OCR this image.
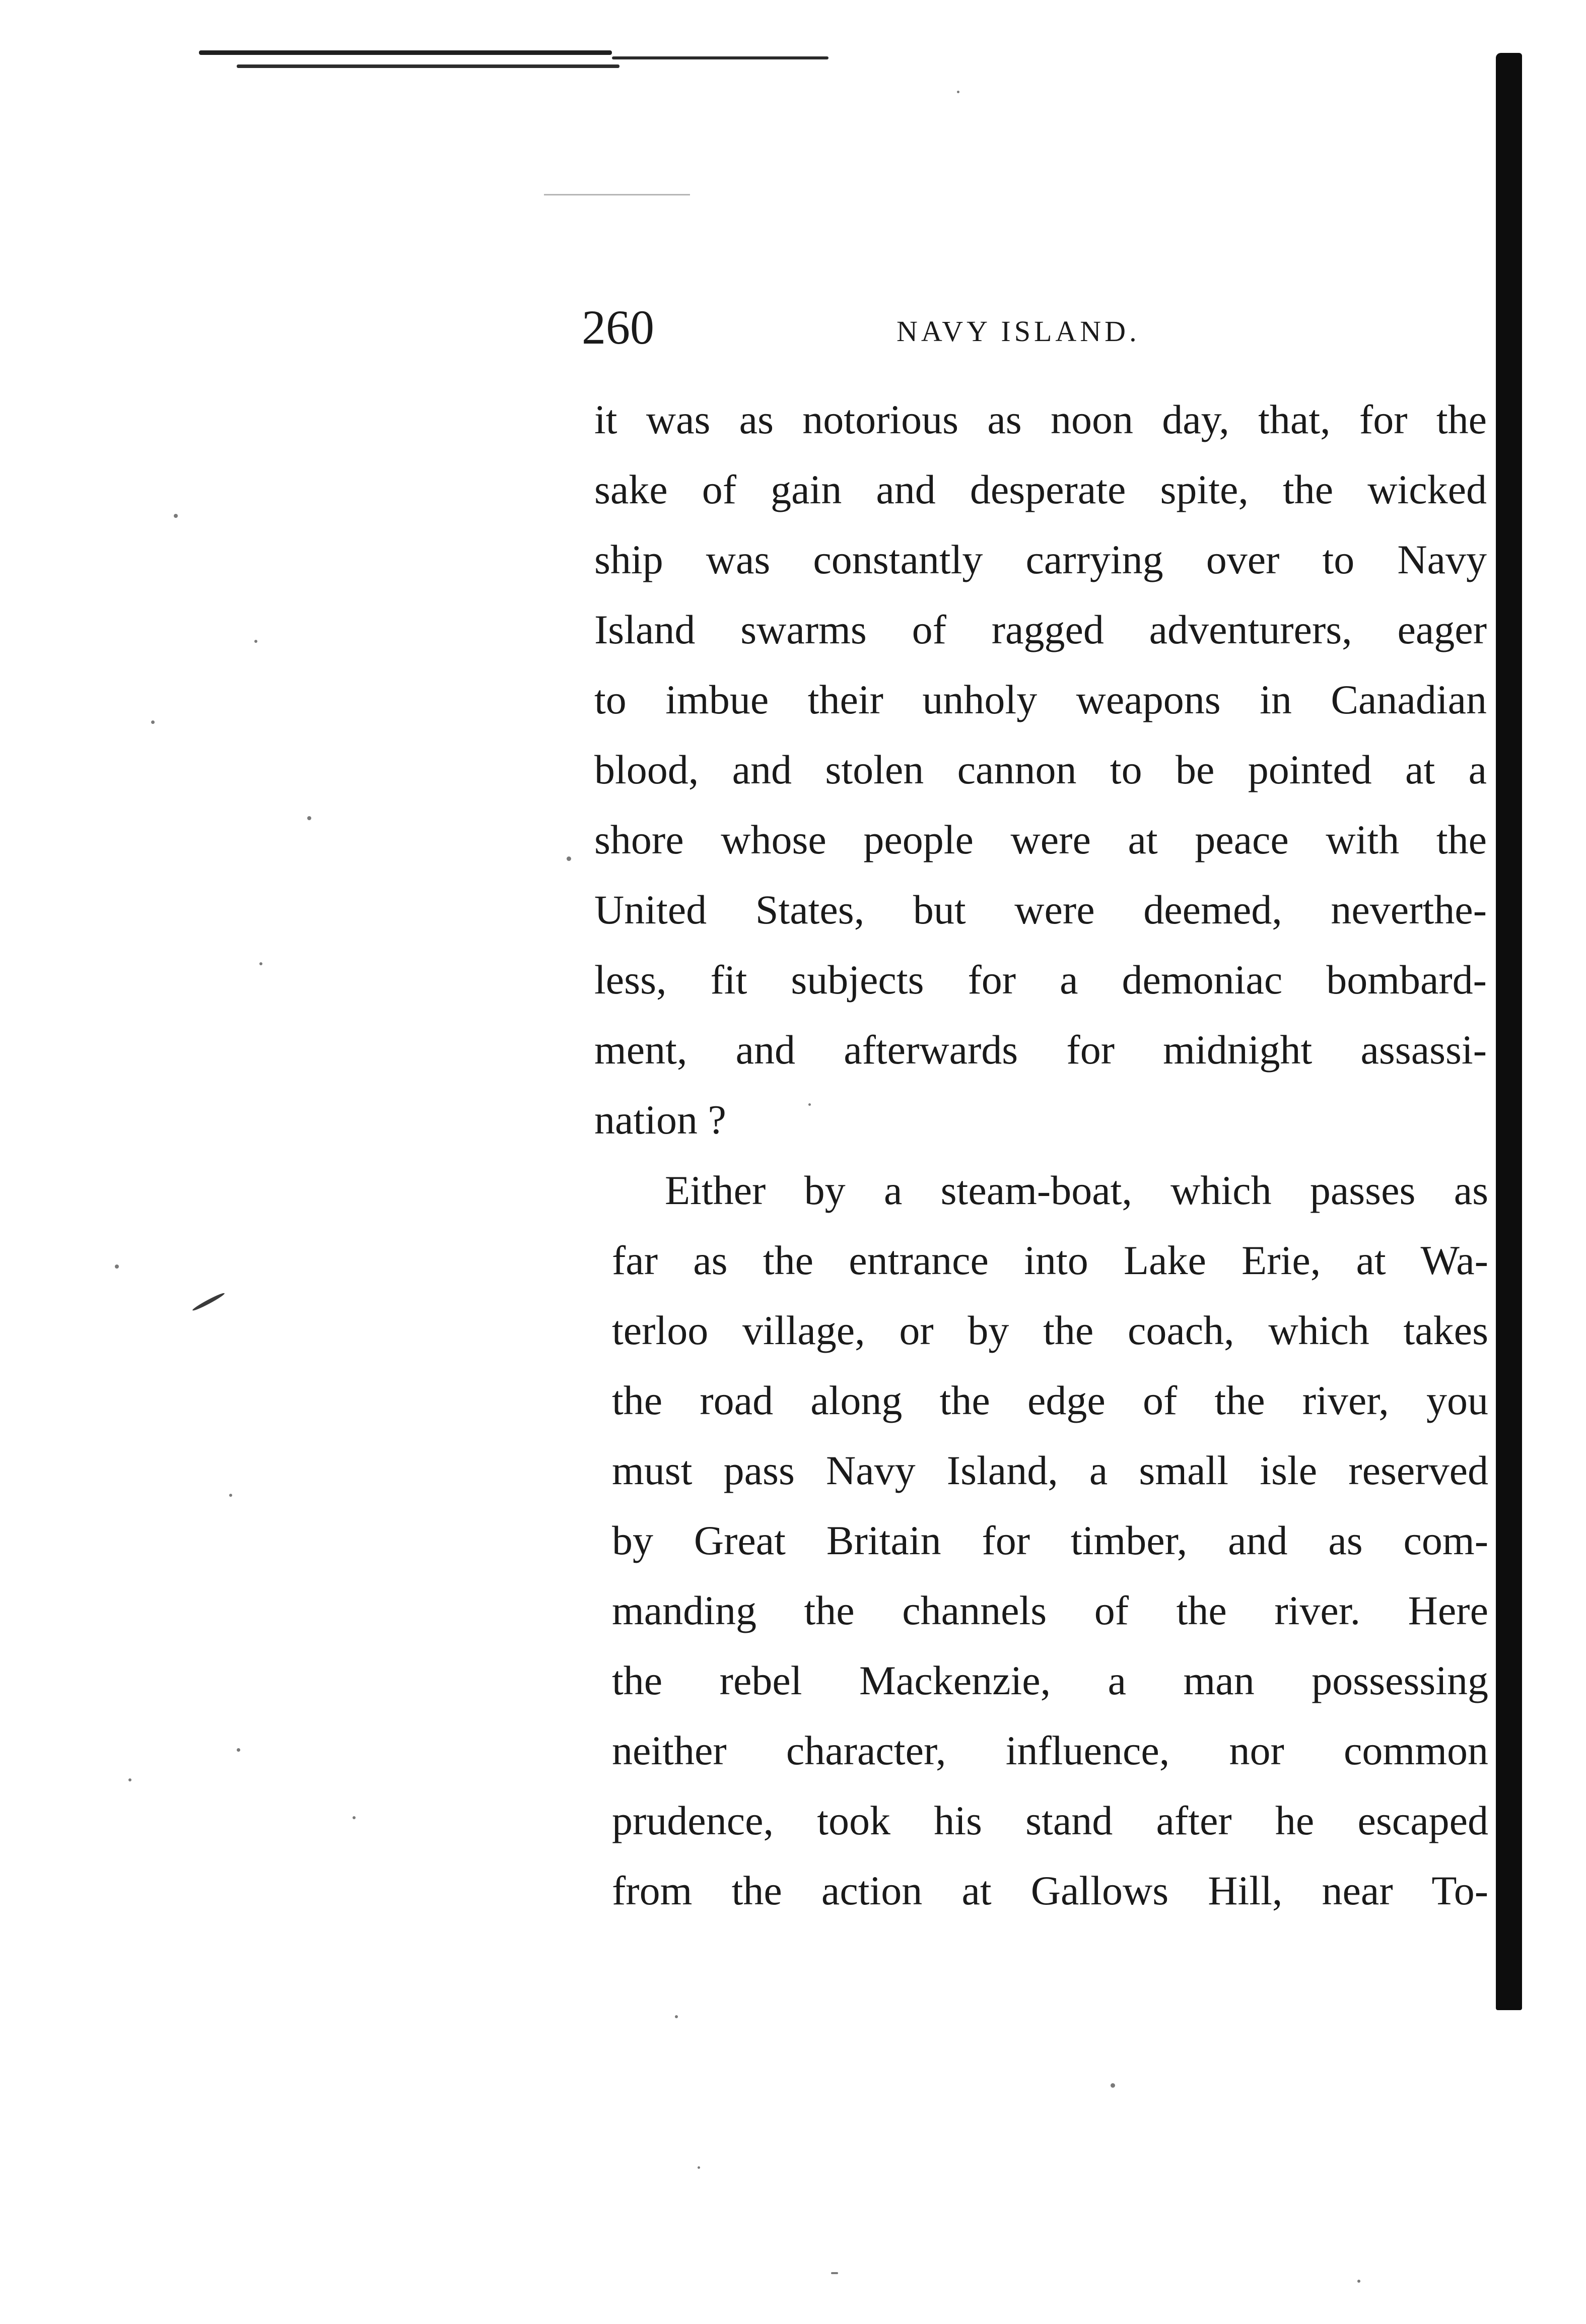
260	NAVY ISLAND.
it was as notorious as noon day, that, for the
sake of gain and desperate spite, the wicked
ship was constantly carrying over to Navy
Island swarms of ragged adventurers, eager
to imbue their unholy weapons in Canadian
blood, and stolen cannon to be pointed at a
shore whose people were at peace with the
United States, but were deemed, neverthe-
less, fit subjects for a demoniac bombard-
ment, and afterwards for midnight assassi-
nation ?
Either by a steam-boat, which passes as
far as the entrance into Lake Erie, at Wa-
terloo village, or by the coach, which takes
the road along the edge of the river, you
must pass Navy Island, a small isle reserved
by Great Britain for timber, and as com-
manding the channels of the river. Here
the rebel Mackenzie, a man possessing
neither character, influence, nor common
prudence, took his stand after he escaped
from the action at Gallows Hill, near To-
